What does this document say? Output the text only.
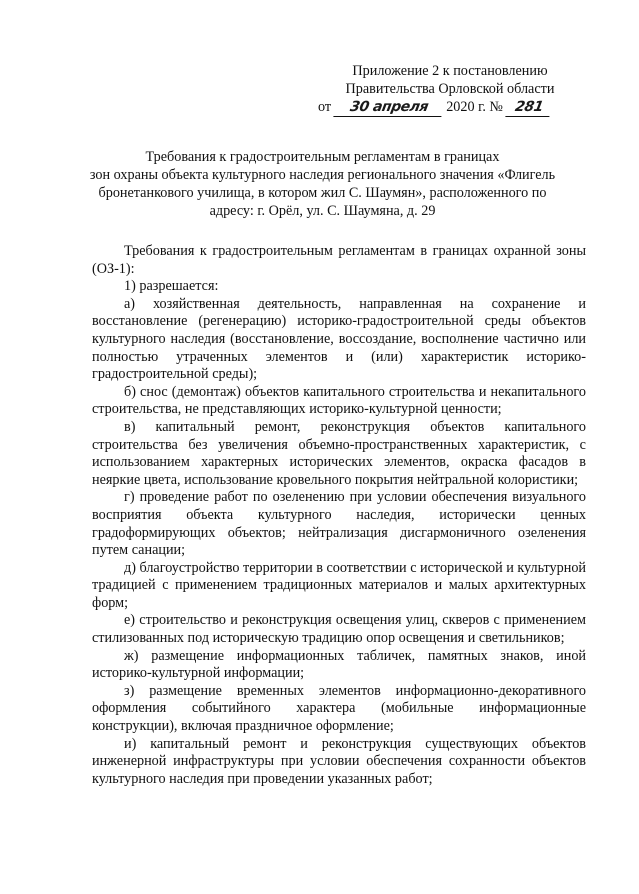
Приложение 2 к постановлению
Правительства Орловской области
от 30 апреля 2020 г. № 281
Требования к градостроительным регламентам в границах
зон охраны объекта культурного наследия регионального значения «Флигель
бронетанкового училища, в котором жил С. Шаумян», расположенного по
адресу: г. Орёл, ул. С. Шаумяна, д. 29

Требования к градостроительным регламентам в границах охранной зоны (ОЗ-1):

1) разрешается:

а) хозяйственная деятельность, направленная на сохранение и восстановление (регенерацию) историко-градостроительной среды объектов культурного наследия (восстановление, воссоздание, восполнение частично или полностью утраченных элементов и (или) характеристик историко-градостроительной среды);

б) снос (демонтаж) объектов капитального строительства и некапитального строительства, не представляющих историко-культурной ценности;

в) капитальный ремонт, реконструкция объектов капитального строительства без увеличения объемно-пространственных характеристик, с использованием характерных исторических элементов, окраска фасадов в неяркие цвета, использование кровельного покрытия нейтральной колористики;

г) проведение работ по озеленению при условии обеспечения визуального восприятия объекта культурного наследия, исторически ценных градоформирующих объектов; нейтрализация дисгармоничного озеленения путем санации;

д) благоустройство территории в соответствии с исторической и культурной традицией с применением традиционных материалов и малых архитектурных форм;

е) строительство и реконструкция освещения улиц, скверов с применением стилизованных под историческую традицию опор освещения и светильников;

ж) размещение информационных табличек, памятных знаков, иной историко-культурной информации;

з) размещение временных элементов информационно-декоративного оформления событийного характера (мобильные информационные конструкции), включая праздничное оформление;

и) капитальный ремонт и реконструкция существующих объектов инженерной инфраструктуры при условии обеспечения сохранности объектов культурного наследия при проведении указанных работ;
